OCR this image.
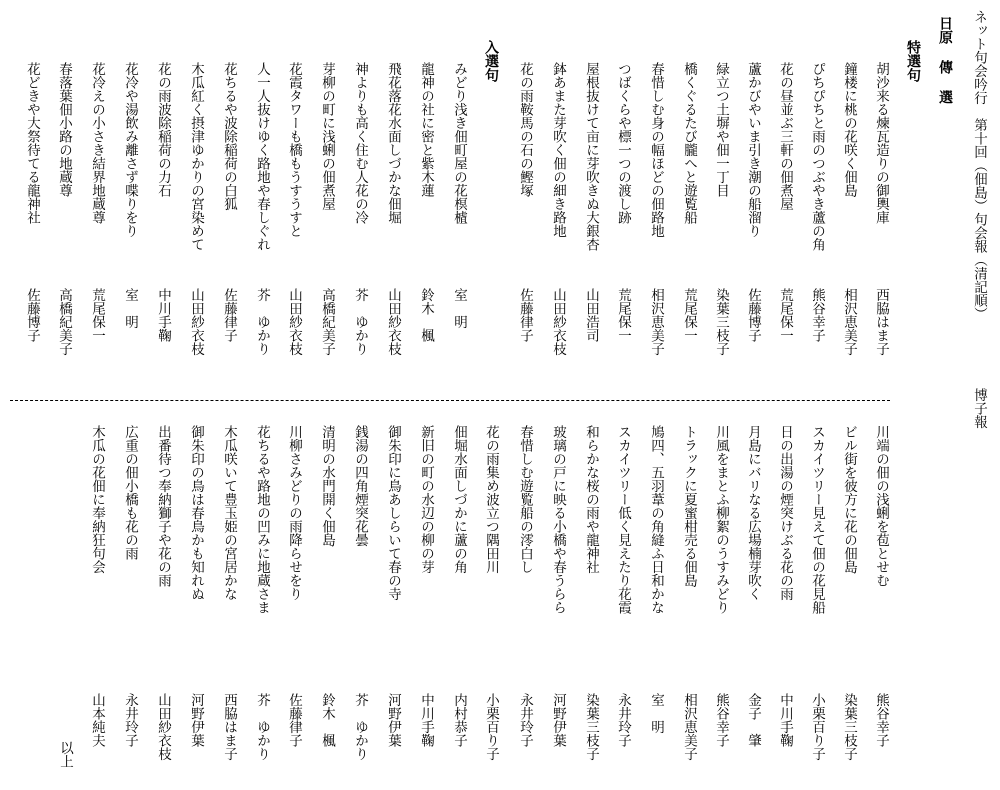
ネット句会吟行　第十回（佃島）句会報（清記順）
博子報
日原 傳 選
特選句
入選句
胡沙来る煉瓦造りの御輿庫
西脇はま子
鐘楼に桃の花咲く佃島
相沢恵美子
ぴちぴちと雨のつぶやき蘆の角
熊谷幸子
花の昼並ぶ三軒の佃煮屋
荒尾保一
蘆かびやいま引き潮の船溜り
佐藤博子
緑立つ土塀や佃一丁目
染葉三枝子
橋くぐるたび朧へと遊覧船
荒尾保一
春惜しむ身の幅ほどの佃路地
相沢恵美子
つばくらや標一つの渡し跡
荒尾保一
屋根抜けて亩に芽吹きぬ大銀杏
山田浩司
鉢あまた芽吹く佃の細き路地
山田紗衣枝
花の雨鞍馬の石の鰹塚
佐藤律子
みどり浅き佃町屋の花榠樝
室　明
龍神の社に密と紫木蓮
鈴木　楓
飛花落花水面しづかな佃堀
山田紗衣枝
神よりも高く住む人花の冷
芥　ゆかり
芽柳の町に浅蜊の佃煮屋
高橋紀美子
花霞タワーも橋もうすうすと
山田紗衣枝
人一人抜けゆく路地や春しぐれ
芥　ゆかり
花ちるや波除稲荷の白狐
佐藤律子
木瓜紅く摂津ゆかりの宮染めて
山田紗衣枝
花の雨波除稲荷の力石
中川手鞠
花冷や湯飲み離さず喋りをり
室　明
花冷えの小さき結界地蔵尊
荒尾保一
春落葉佃小路の地蔵尊
高橋紀美子
花どきや大祭待てる龍神社
佐藤博子
川端の佃の浅蜊を苞とせむ
熊谷幸子
ビル街を彼方に花の佃島
染葉三枝子
スカイツリー見えて佃の花見船
小栗百り子
日の出湯の煙突けぶる花の雨
中川手鞠
月島にバリなる広場楠芽吹く
金子　肇
川風をまとふ柳絮のうすみどり
熊谷幸子
トラックに夏蜜柑売る佃島
相沢恵美子
鳩四、五羽葦の角縫ふ日和かな
室　明
スカイツリー低く見えたり花霞
永井玲子
和らかな桜の雨や龍神社
染葉三枝子
玻璃の戸に映る小橋や春うらら
河野伊葉
春惜しむ遊覧船の澪白し
永井玲子
花の雨集め波立つ隅田川
小栗百り子
佃堀水面しづかに蘆の角
内村恭子
新旧の町の水辺の柳の芽
中川手鞠
御朱印に鳥あしらいて春の寺
河野伊葉
銭湯の四角煙突花曇
芥　ゆかり
清明の水門開く佃島
鈴木　楓
川柳さみどりの雨降らせをり
佐藤律子
花ちるや路地の凹みに地蔵さま
芥　ゆかり
木瓜咲いて豊玉姫の宮居かな
西脇はま子
御朱印の鳥は春鳥かも知れぬ
河野伊葉
出番待つ奉納獅子や花の雨
山田紗衣枝
広重の佃小橋も花の雨
永井玲子
木瓜の花佃に奉納狂句会
山本純夫
以上
